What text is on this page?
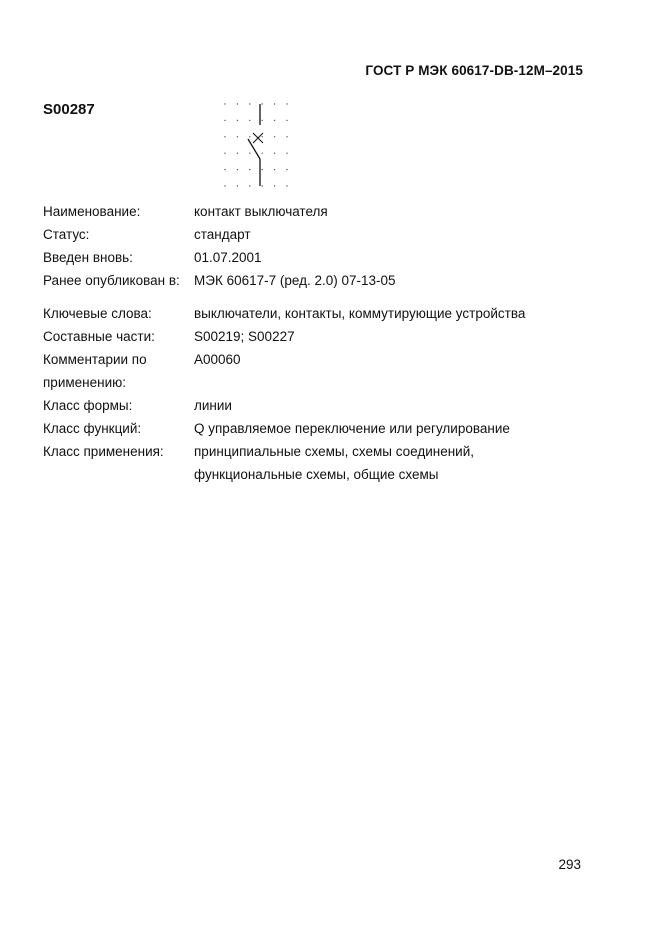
ГОСТ Р МЭК 60617-DB-12M–2015
S00287
Наименование:	контакт выключателя
Статус:	стандарт
Введен вновь:	01.07.2001
Ранее опубликован в: МЭК 60617-7 (ред. 2.0) 07-13-05
Ключевые слова:	выключатели, контакты, коммутирующие устройства
Составные части:	S00219; S00227
Комментарии по	A00060
применению:
Класс формы:	линии
Класс функций:	Q управляемое переключение или регулирование
Класс применения: принципиальные схемы, схемы соединений,
функциональные схемы, общие схемы
293
